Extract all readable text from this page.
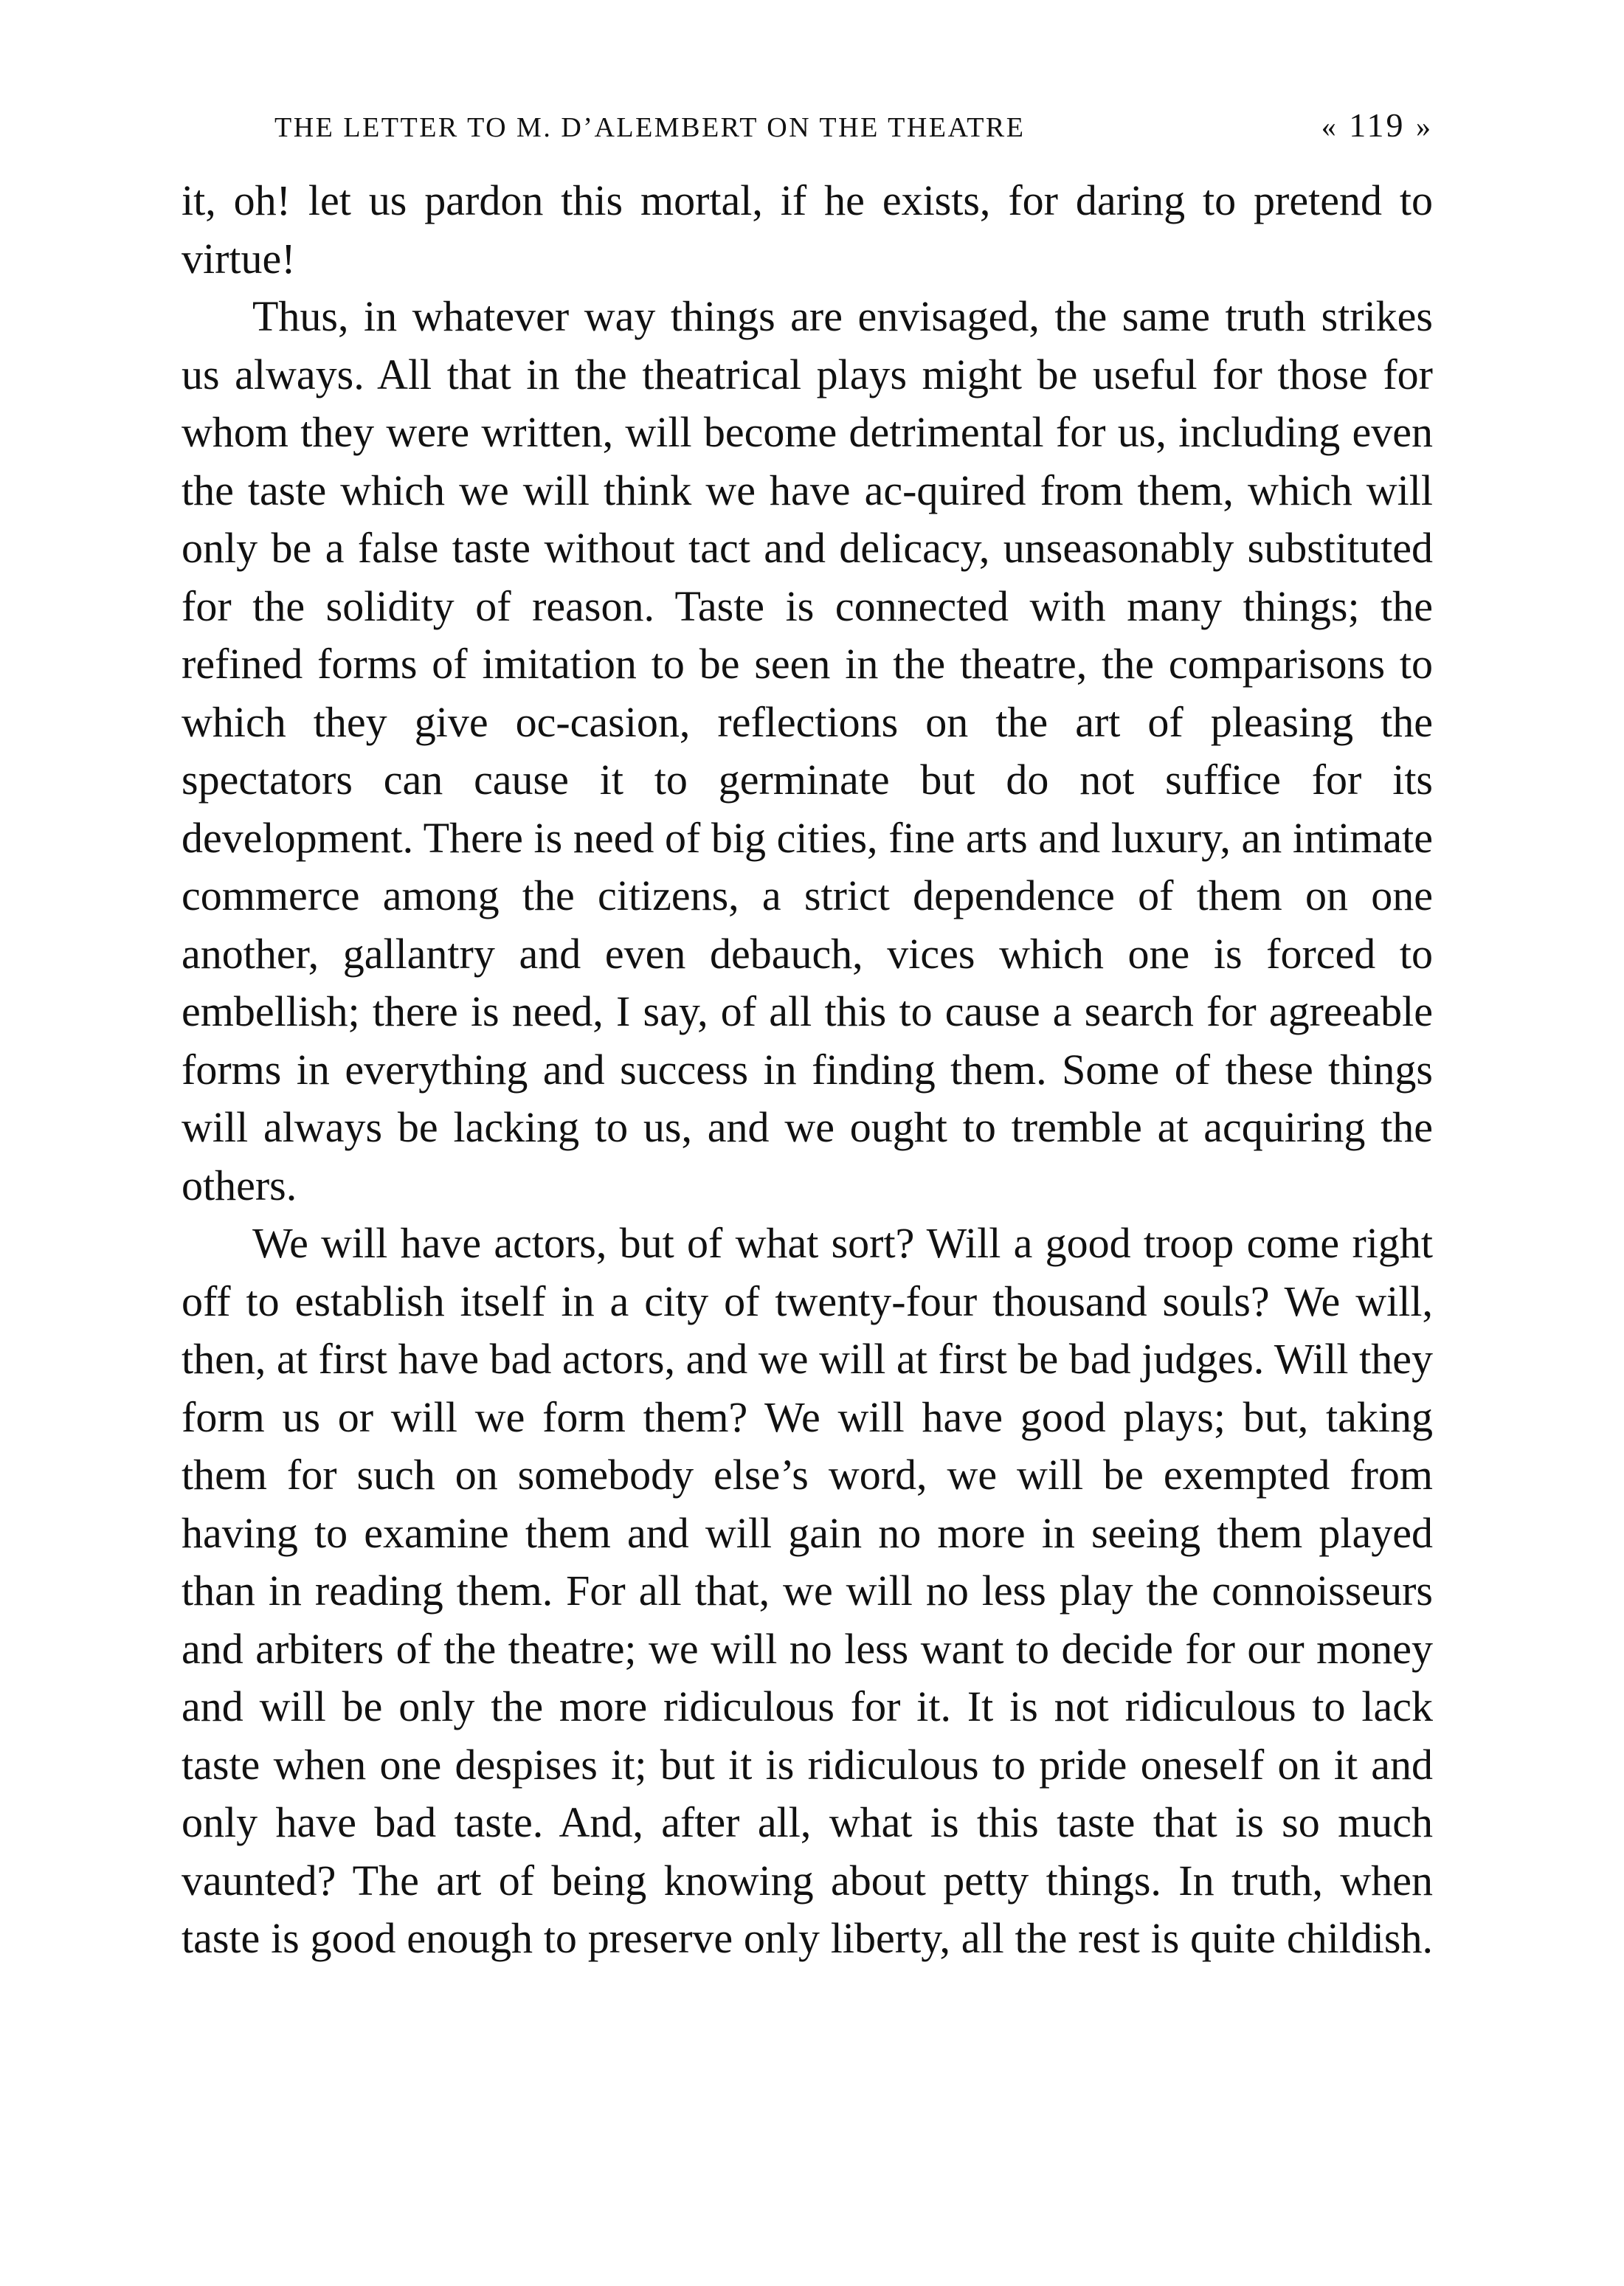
THE LETTER TO M. D’ALEMBERT ON THE THEATRE	« 119 »

it, oh! let us pardon this mortal, if he exists, for daring to pretend to virtue!

Thus, in whatever way things are envisaged, the same truth strikes us always. All that in the theatrical plays might be useful for those for whom they were written, will become detrimental for us, including even the taste which we will think we have ac-quired from them, which will only be a false taste without tact and delicacy, unseasonably substituted for the solidity of reason. Taste is connected with many things; the refined forms of imitation to be seen in the theatre, the comparisons to which they give oc-casion, reflections on the art of pleasing the spectators can cause it to germinate but do not suffice for its development. There is need of big cities, fine arts and luxury, an intimate commerce among the citizens, a strict dependence of them on one another, gallantry and even debauch, vices which one is forced to embellish; there is need, I say, of all this to cause a search for agreeable forms in everything and success in finding them. Some of these things will always be lacking to us, and we ought to tremble at acquiring the others.

We will have actors, but of what sort? Will a good troop come right off to establish itself in a city of twenty-four thousand souls? We will, then, at first have bad actors, and we will at first be bad judges. Will they form us or will we form them? We will have good plays; but, taking them for such on somebody else’s word, we will be exempted from having to examine them and will gain no more in seeing them played than in reading them. For all that, we will no less play the connoisseurs and arbiters of the theatre; we will no less want to decide for our money and will be only the more ridiculous for it. It is not ridiculous to lack taste when one despises it; but it is ridiculous to pride oneself on it and only have bad taste. And, after all, what is this taste that is so much vaunted? The art of being knowing about petty things. In truth, when taste is good enough to preserve only liberty, all the rest is quite childish.
